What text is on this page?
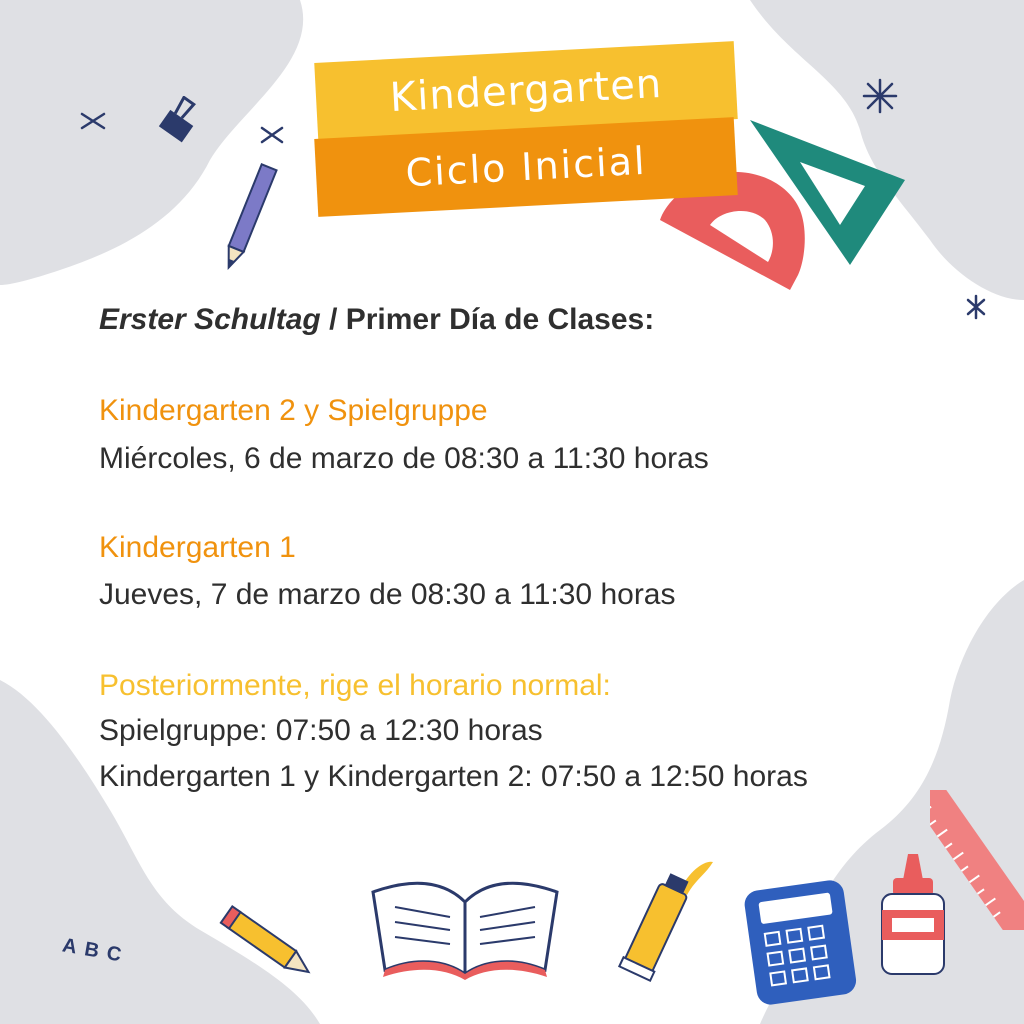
ABC
Kindergarten
Ciclo Inicial
Erster Schultag / Primer Día de Clases:
Kindergarten 2 y Spielgruppe
Miércoles, 6 de marzo de 08:30 a 11:30 horas
Kindergarten 1
Jueves, 7 de marzo de 08:30 a 11:30 horas
Posteriormente, rige el horario normal:
Spielgruppe: 07:50 a 12:30 horas
Kindergarten 1 y Kindergarten 2: 07:50 a 12:50 horas
